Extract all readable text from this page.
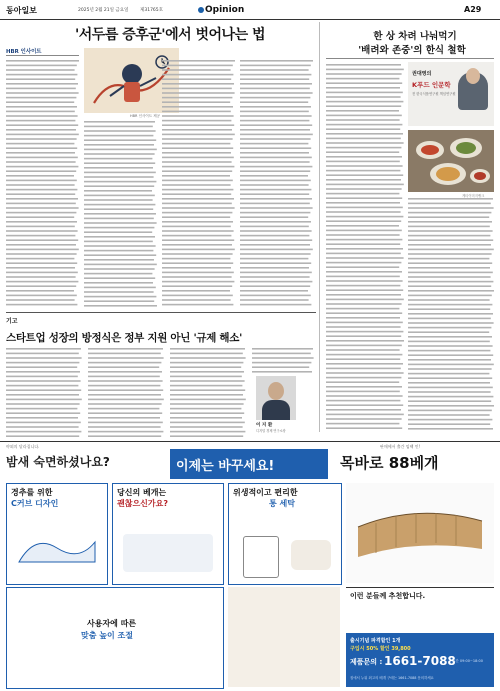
동아일보	2025년 2월 21일 금요일	제31765호	Opinion	A29
'서두름 증후군'에서 벗어나는 법
HBR 인사이트

HBR 인사이트 제공

한 상 차려 나눠먹기
'배려와 존중'의 한식 철학
권대영의
K푸드 인문학
전 한국식품연구원 책임연구원
게티이미지뱅크
기고
스타트업 성장의 방정식은 정부 지원 아닌 '규제 해소'
이 지 환
디지털 경제 연구소장
야외의 달라집니다.	판매에서 출간 임팩 인!
밤새 숙면하셨나요?	이제는 바꾸세요!	목바로 88베개
경추를 위한
C커브 디자인
당신의 베개는
괜찮으신가요?
위생적이고 편리한
통 세탁
사용자에 따른
맞춤 높이 조절
이런 분들께 추천합니다.
출시기념 파격할인 1개
구입시 50% 할인 39,800
제품문의 : 1661-7088
주간 09:00~18:00
집에서 누워 최고의 베개 구매는 1661-7088 문의하세요
